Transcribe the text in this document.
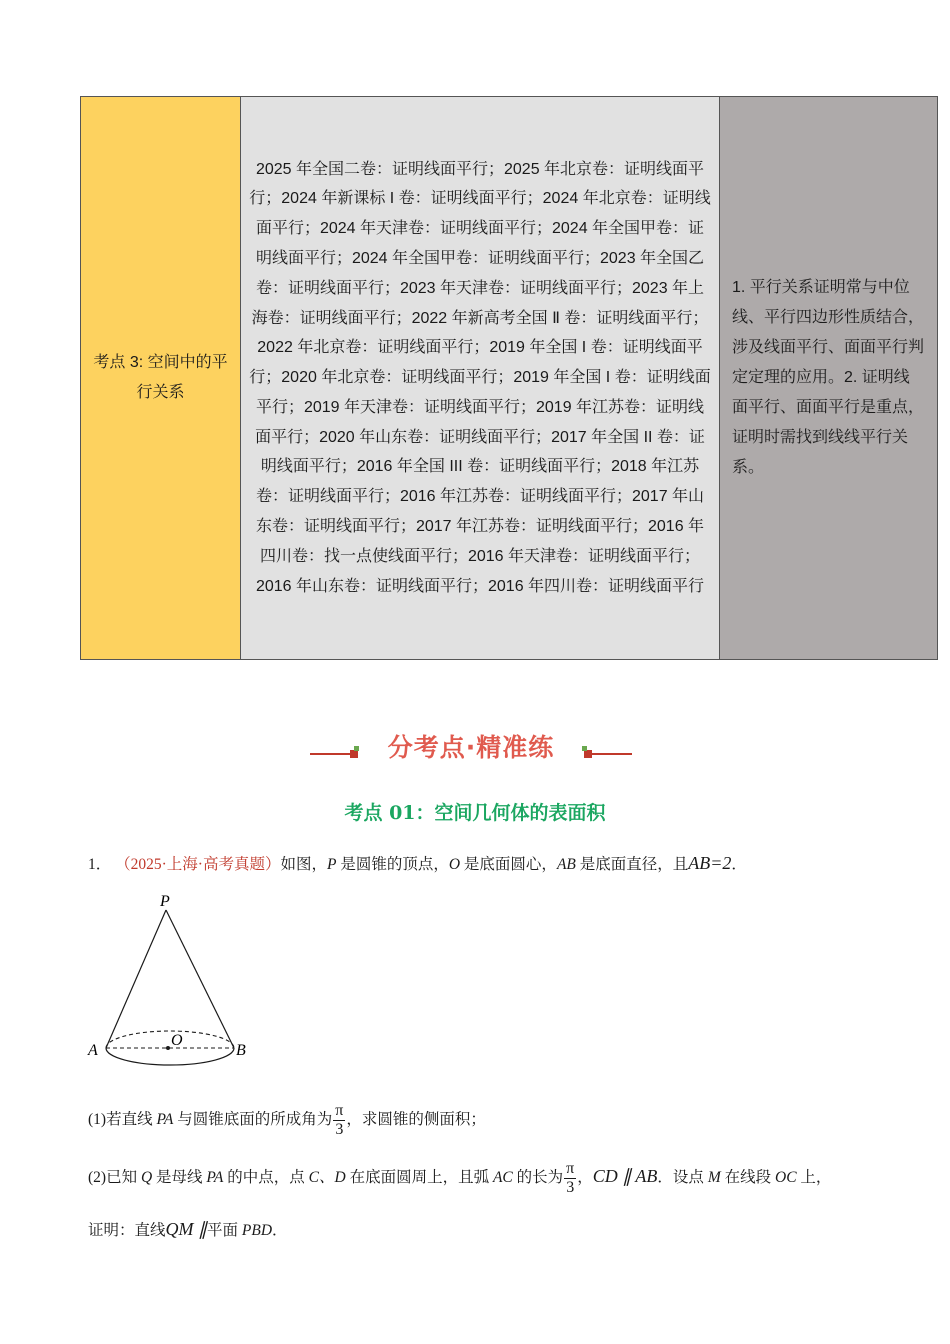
考点 3: 空间中的平行关系	2025 年全国二卷：证明线面平行；2025 年北京卷：证明线面平行；2024 年新课标 I 卷：证明线面平行；2024 年北京卷：证明线面平行；2024 年天津卷：证明线面平行；2024 年全国甲卷：证明线面平行；2024 年全国甲卷：证明线面平行；2023 年全国乙卷：证明线面平行；2023 年天津卷：证明线面平行；2023 年上海卷：证明线面平行；2022 年新高考全国 Ⅱ 卷：证明线面平行；2022 年北京卷：证明线面平行；2019 年全国 I 卷：证明线面平行；2020 年北京卷：证明线面平行；2019 年全国 I 卷：证明线面平行；2019 年天津卷：证明线面平行；2019 年江苏卷：证明线面平行；2020 年山东卷：证明线面平行；2017 年全国 II 卷：证明线面平行；2016 年全国 III 卷：证明线面平行；2018 年江苏卷：证明线面平行；2016 年江苏卷：证明线面平行；2017 年山东卷：证明线面平行；2017 年江苏卷：证明线面平行；2016 年四川卷：找一点使线面平行；2016 年天津卷：证明线面平行；2016 年山东卷：证明线面平行；2016 年四川卷：证明线面平行	1. 平行关系证明常与中位线、平行四边形性质结合，涉及线面平行、面面平行判定定理的应用。2. 证明线面平行、面面平行是重点，证明时需找到线线平行关系。
分考点·精准练
考点 01：空间几何体的表面积
1． （2025·上海·高考真题）如图，P 是圆锥的顶点，O 是底面圆心，AB 是底面直径，且AB=2．
P
A	B
O
(1)若直线 PA 与圆锥底面的所成角为 $\frac{\pi}{3}$ ，求圆锥的侧面积；
(2)已知 Q 是母线 PA 的中点，点 C、D 在底面圆周上，且弧 AC 的长为 $\frac{\pi}{3}$ ，CD ∥ AB．设点 M 在线段 OC 上，
证明：直线QM ∥平面 PBD．
